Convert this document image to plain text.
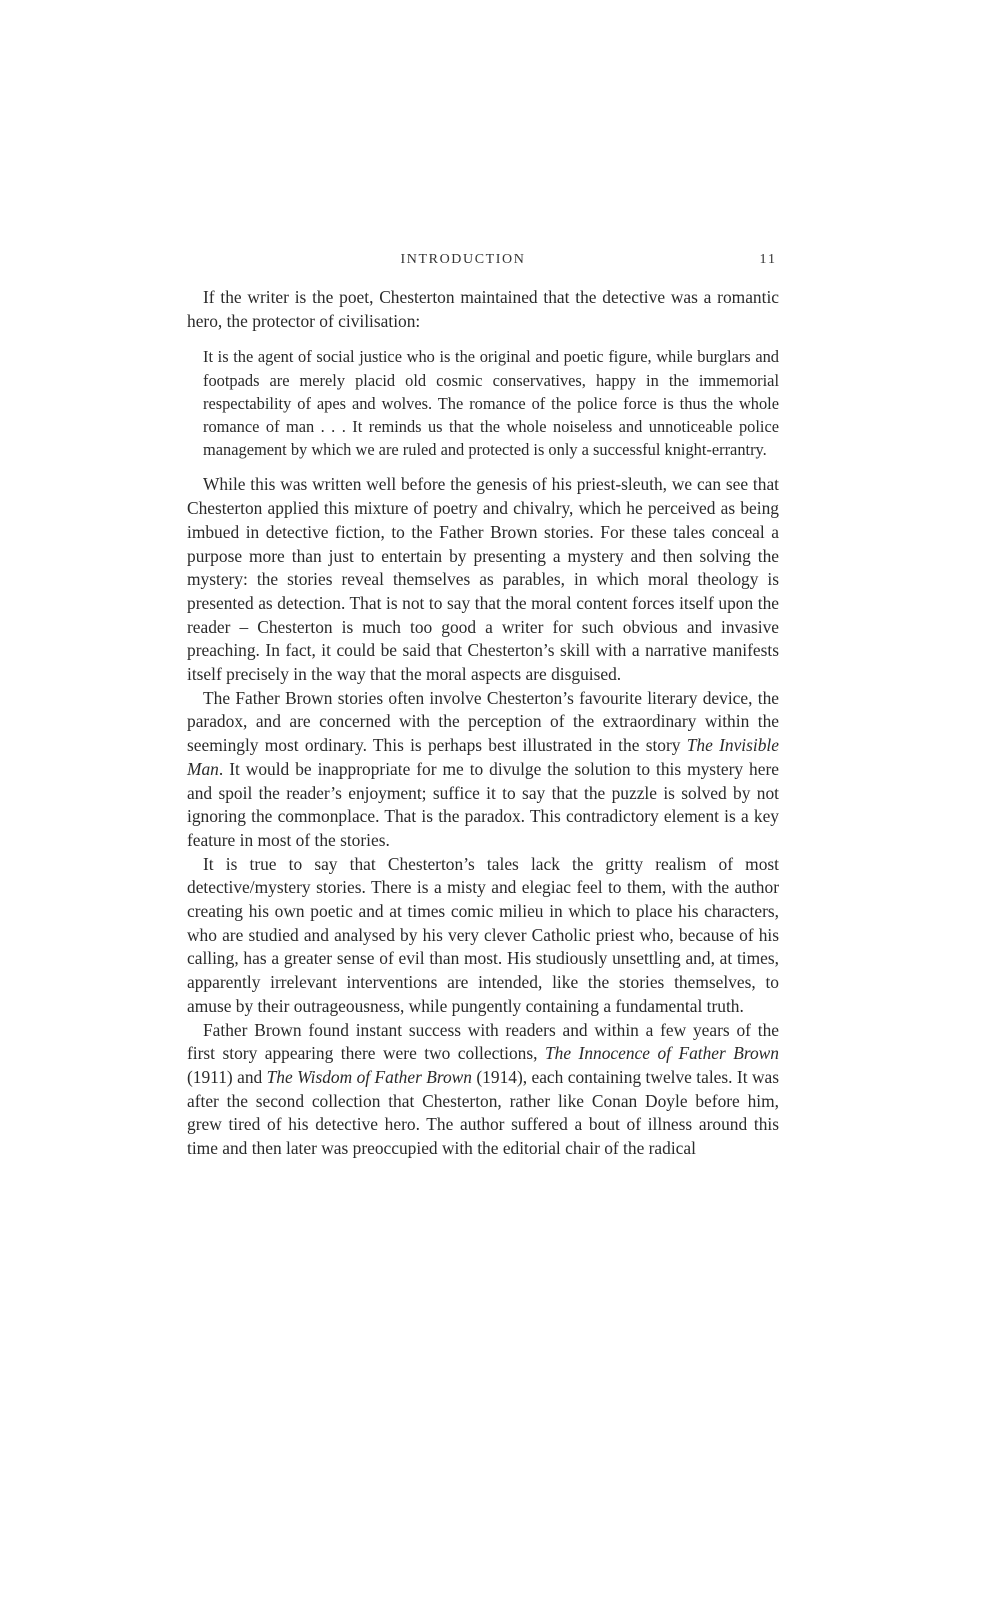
INTRODUCTION	11

If the writer is the poet, Chesterton maintained that the detective was a romantic hero, the protector of civilisation:

It is the agent of social justice who is the original and poetic figure, while burglars and footpads are merely placid old cosmic conservatives, happy in the immemorial respectability of apes and wolves. The romance of the police force is thus the whole romance of man . . . It reminds us that the whole noiseless and unnoticeable police management by which we are ruled and protected is only a successful knight-errantry.

While this was written well before the genesis of his priest-sleuth, we can see that Chesterton applied this mixture of poetry and chivalry, which he perceived as being imbued in detective fiction, to the Father Brown stories. For these tales conceal a purpose more than just to entertain by presenting a mystery and then solving the mystery: the stories reveal themselves as parables, in which moral theology is presented as detection. That is not to say that the moral content forces itself upon the reader – Chesterton is much too good a writer for such obvious and invasive preaching. In fact, it could be said that Chesterton’s skill with a narrative manifests itself precisely in the way that the moral aspects are disguised.

The Father Brown stories often involve Chesterton’s favourite literary device, the paradox, and are concerned with the perception of the extraordinary within the seemingly most ordinary. This is perhaps best illustrated in the story The Invisible Man. It would be inappropriate for me to divulge the solution to this mystery here and spoil the reader’s enjoyment; suffice it to say that the puzzle is solved by not ignoring the commonplace. That is the paradox. This contradictory element is a key feature in most of the stories.

It is true to say that Chesterton’s tales lack the gritty realism of most detective/mystery stories. There is a misty and elegiac feel to them, with the author creating his own poetic and at times comic milieu in which to place his characters, who are studied and analysed by his very clever Catholic priest who, because of his calling, has a greater sense of evil than most. His studiously unsettling and, at times, apparently irrelevant interventions are intended, like the stories themselves, to amuse by their outrageousness, while pungently containing a fundamental truth.

Father Brown found instant success with readers and within a few years of the first story appearing there were two collections, The Innocence of Father Brown (1911) and The Wisdom of Father Brown (1914), each containing twelve tales. It was after the second collection that Chesterton, rather like Conan Doyle before him, grew tired of his detective hero. The author suffered a bout of illness around this time and then later was preoccupied with the editorial chair of the radical
